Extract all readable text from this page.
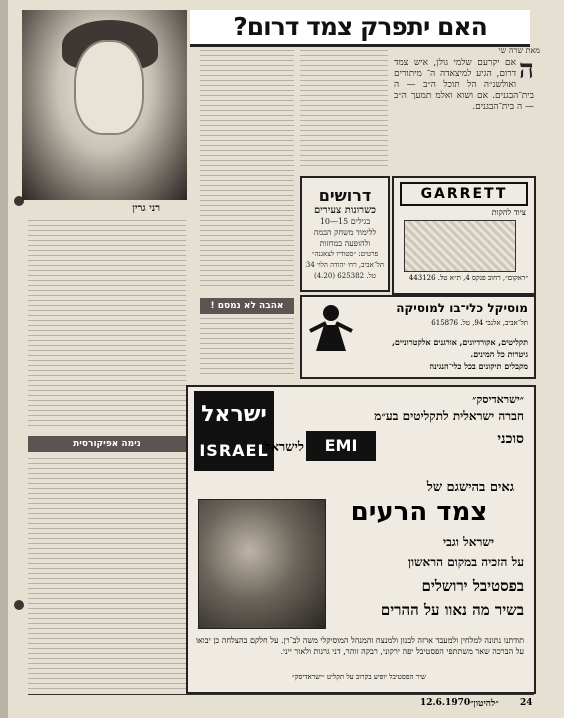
רני גרין
האם יתפרק צמד דרום?
מאת שרה שי
ה
אם יקרעם שלמי גולן, איש צמד דרום, הגיע למיצאדה ה־ מיתורים ואולשנ״ה הל תוכל ה״ב — ה בית־הבגנים. אם ושוא ואלמ תמעך ה״ב — ה בית־הבגנים.
אהבה לא נמסם !
נימה אפיקורסית
דרושים
כשרונות צעירים
בגילים 15—10
ללימוד משחק הבמה
ולהופעה במחזות
פרטים: ״סטודיו לצאגנה״
תל־אביב, רח׳ יהודה הלוי 34
טל. 625382 (4.20)
GARRETT
ציוד להקות
״ראקום״, רחוב פנקס 4, ת״א טל. 443126
מוסיקל כלי־בו למוסיקה
תל־אביב, אלנבי 94, טל. 615876
תקליטים, אקורדיונים, אורגנים אלקטרוניים,
גיטרות כל המינים.
מקבלים תיקונים בכל כלי־הנגינה
ישראל
ISRAEL
״ישראדיסק״
חברה ישראלית לתקליטים בע״מ
סוכני
EMI
לישראל
גאים בהישגם של
צמד הרעים
ישראל וגבי
על הזכיה במקום הראשון
בפסטיבל ירושלים
בשיר מה נאוו על ההרים
תודתנו נתונה למלחין ולמעבד ארזה לבנון ולמנצח והמנהל המוסיקלי משה לב־רן. על חלקם בהצלחה כן יבואו על הברכה שאר משתתפי הפסטיבל יפה ירקוני, רבקה זוהר, דני גרנות ולאור ייני.
שיר הפסטיבל יופיע בקרוב על תקליט ״ישראדיסק״
24
12.6.1970 ״להיטון״
